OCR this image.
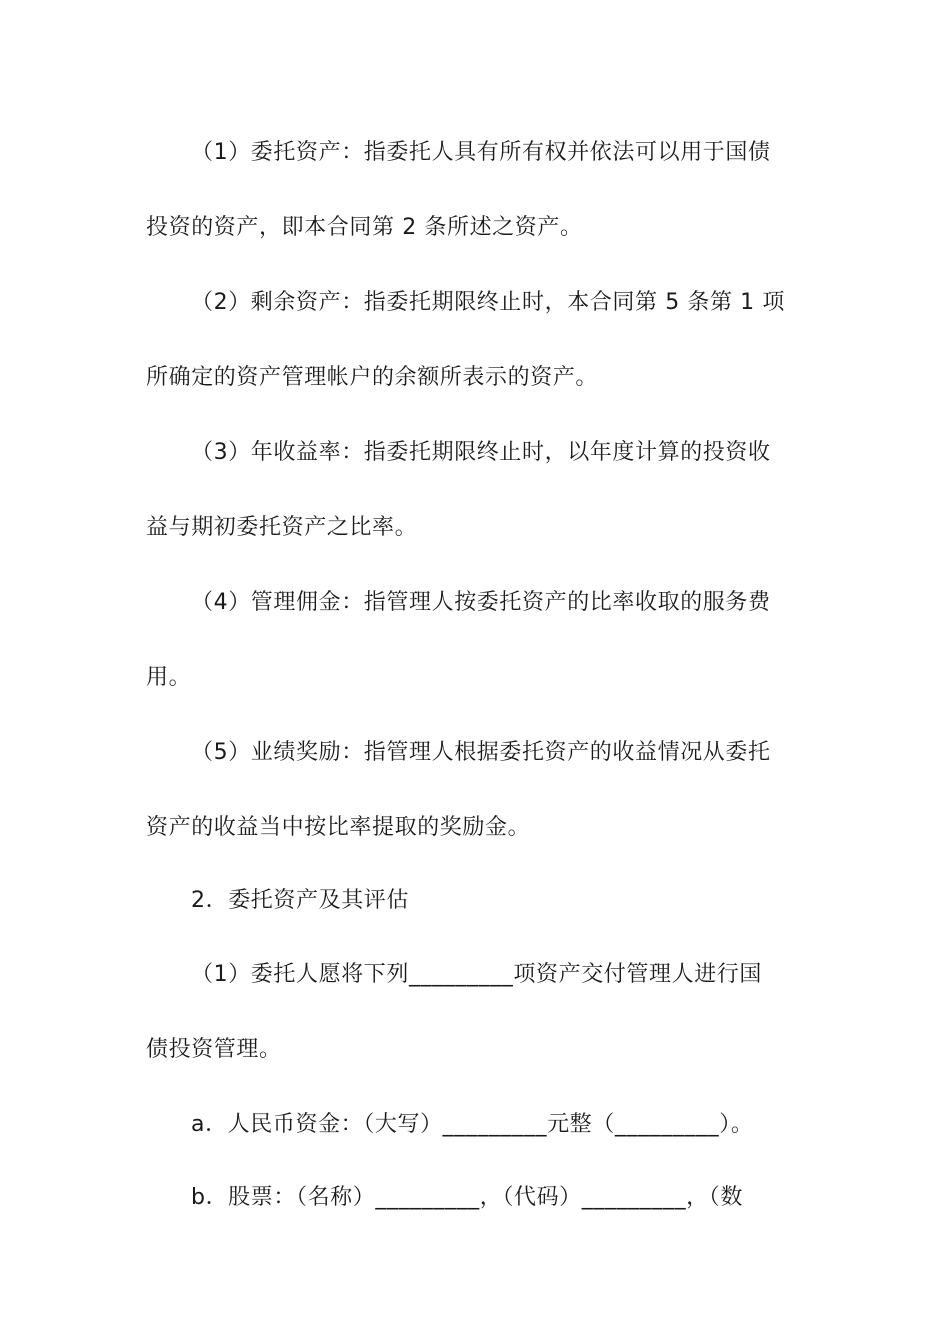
（1）委托资产：指委托人具有所有权并依法可以用于国债
投资的资产，即本合同第 2 条所述之资产。
（2）剩余资产：指委托期限终止时，本合同第 5 条第 1 项
所确定的资产管理帐户的余额所表示的资产。
（3）年收益率：指委托期限终止时，以年度计算的投资收
益与期初委托资产之比率。
（4）管理佣金：指管理人按委托资产的比率收取的服务费
用。
（5）业绩奖励：指管理人根据委托资产的收益情况从委托
资产的收益当中按比率提取的奖励金。
2．委托资产及其评估
（1）委托人愿将下列_________项资产交付管理人进行国
债投资管理。
a．人民币资金：（大写）_________元整（_________）。
b．股票：（名称）_________，（代码）_________，（数
